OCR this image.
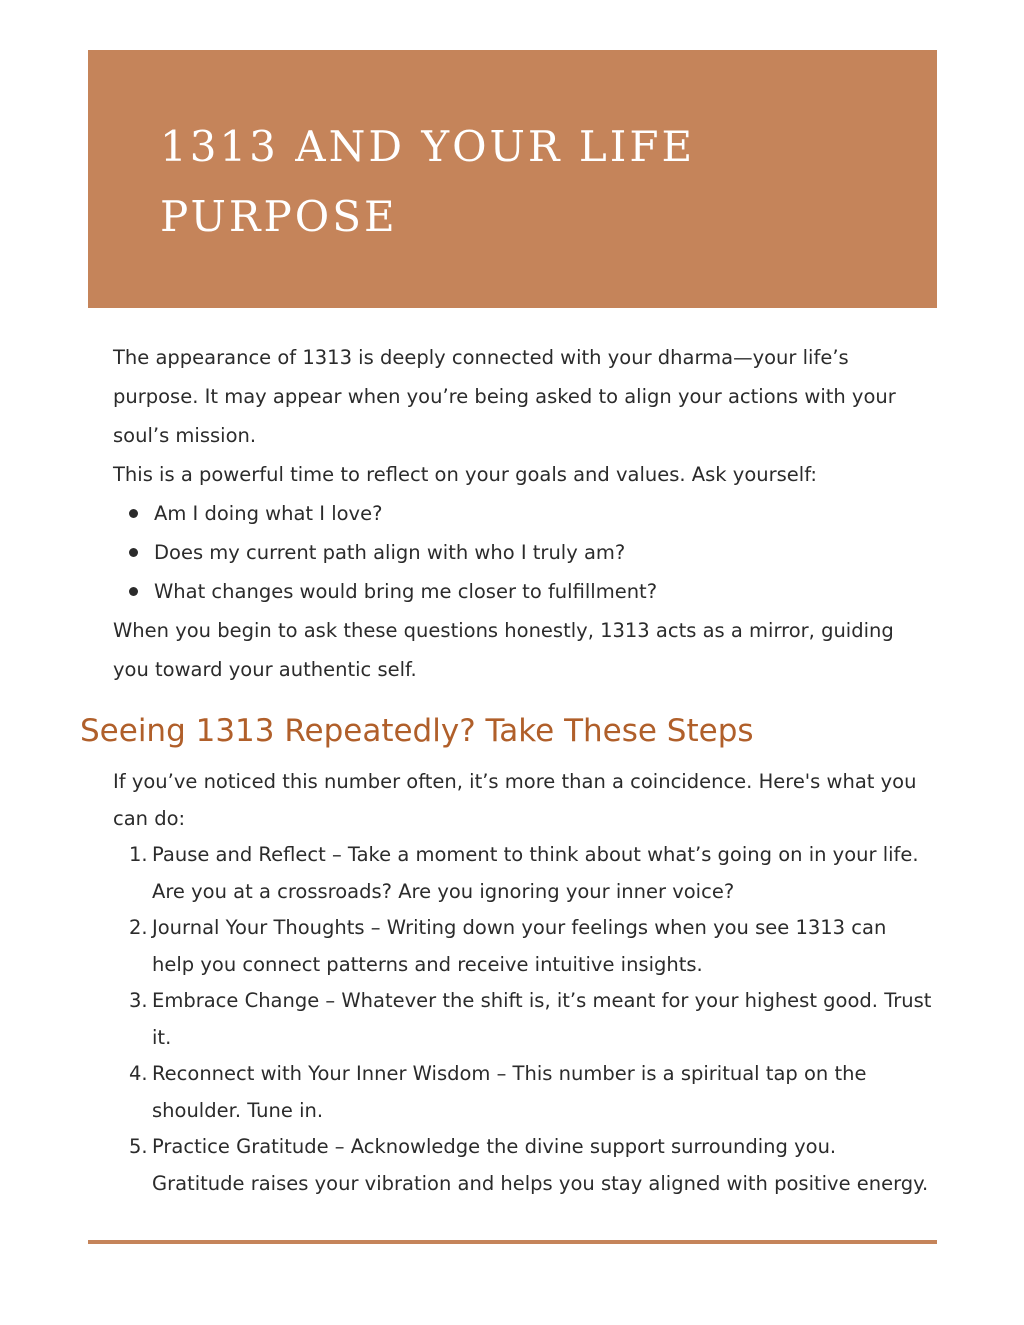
1313 AND YOUR LIFE
PURPOSE

The appearance of 1313 is deeply connected with your dharma—your life’s purpose. It may appear when you’re being asked to align your actions with your soul’s mission.

This is a powerful time to reflect on your goals and values. Ask yourself:

Am I doing what I love?
Does my current path align with who I truly am?
What changes would bring me closer to fulfillment?

When you begin to ask these questions honestly, 1313 acts as a mirror, guiding you toward your authentic self.

Seeing 1313 Repeatedly? Take These Steps

If you’ve noticed this number often, it’s more than a coincidence. Here's what you can do:

1. Pause and Reflect – Take a moment to think about what’s going on in your life. Are you at a crossroads? Are you ignoring your inner voice?
2. Journal Your Thoughts – Writing down your feelings when you see 1313 can help you connect patterns and receive intuitive insights.
3. Embrace Change – Whatever the shift is, it’s meant for your highest good. Trust it.
4. Reconnect with Your Inner Wisdom – This number is a spiritual tap on the shoulder. Tune in.
5. Practice Gratitude – Acknowledge the divine support surrounding you. Gratitude raises your vibration and helps you stay aligned with positive energy.
